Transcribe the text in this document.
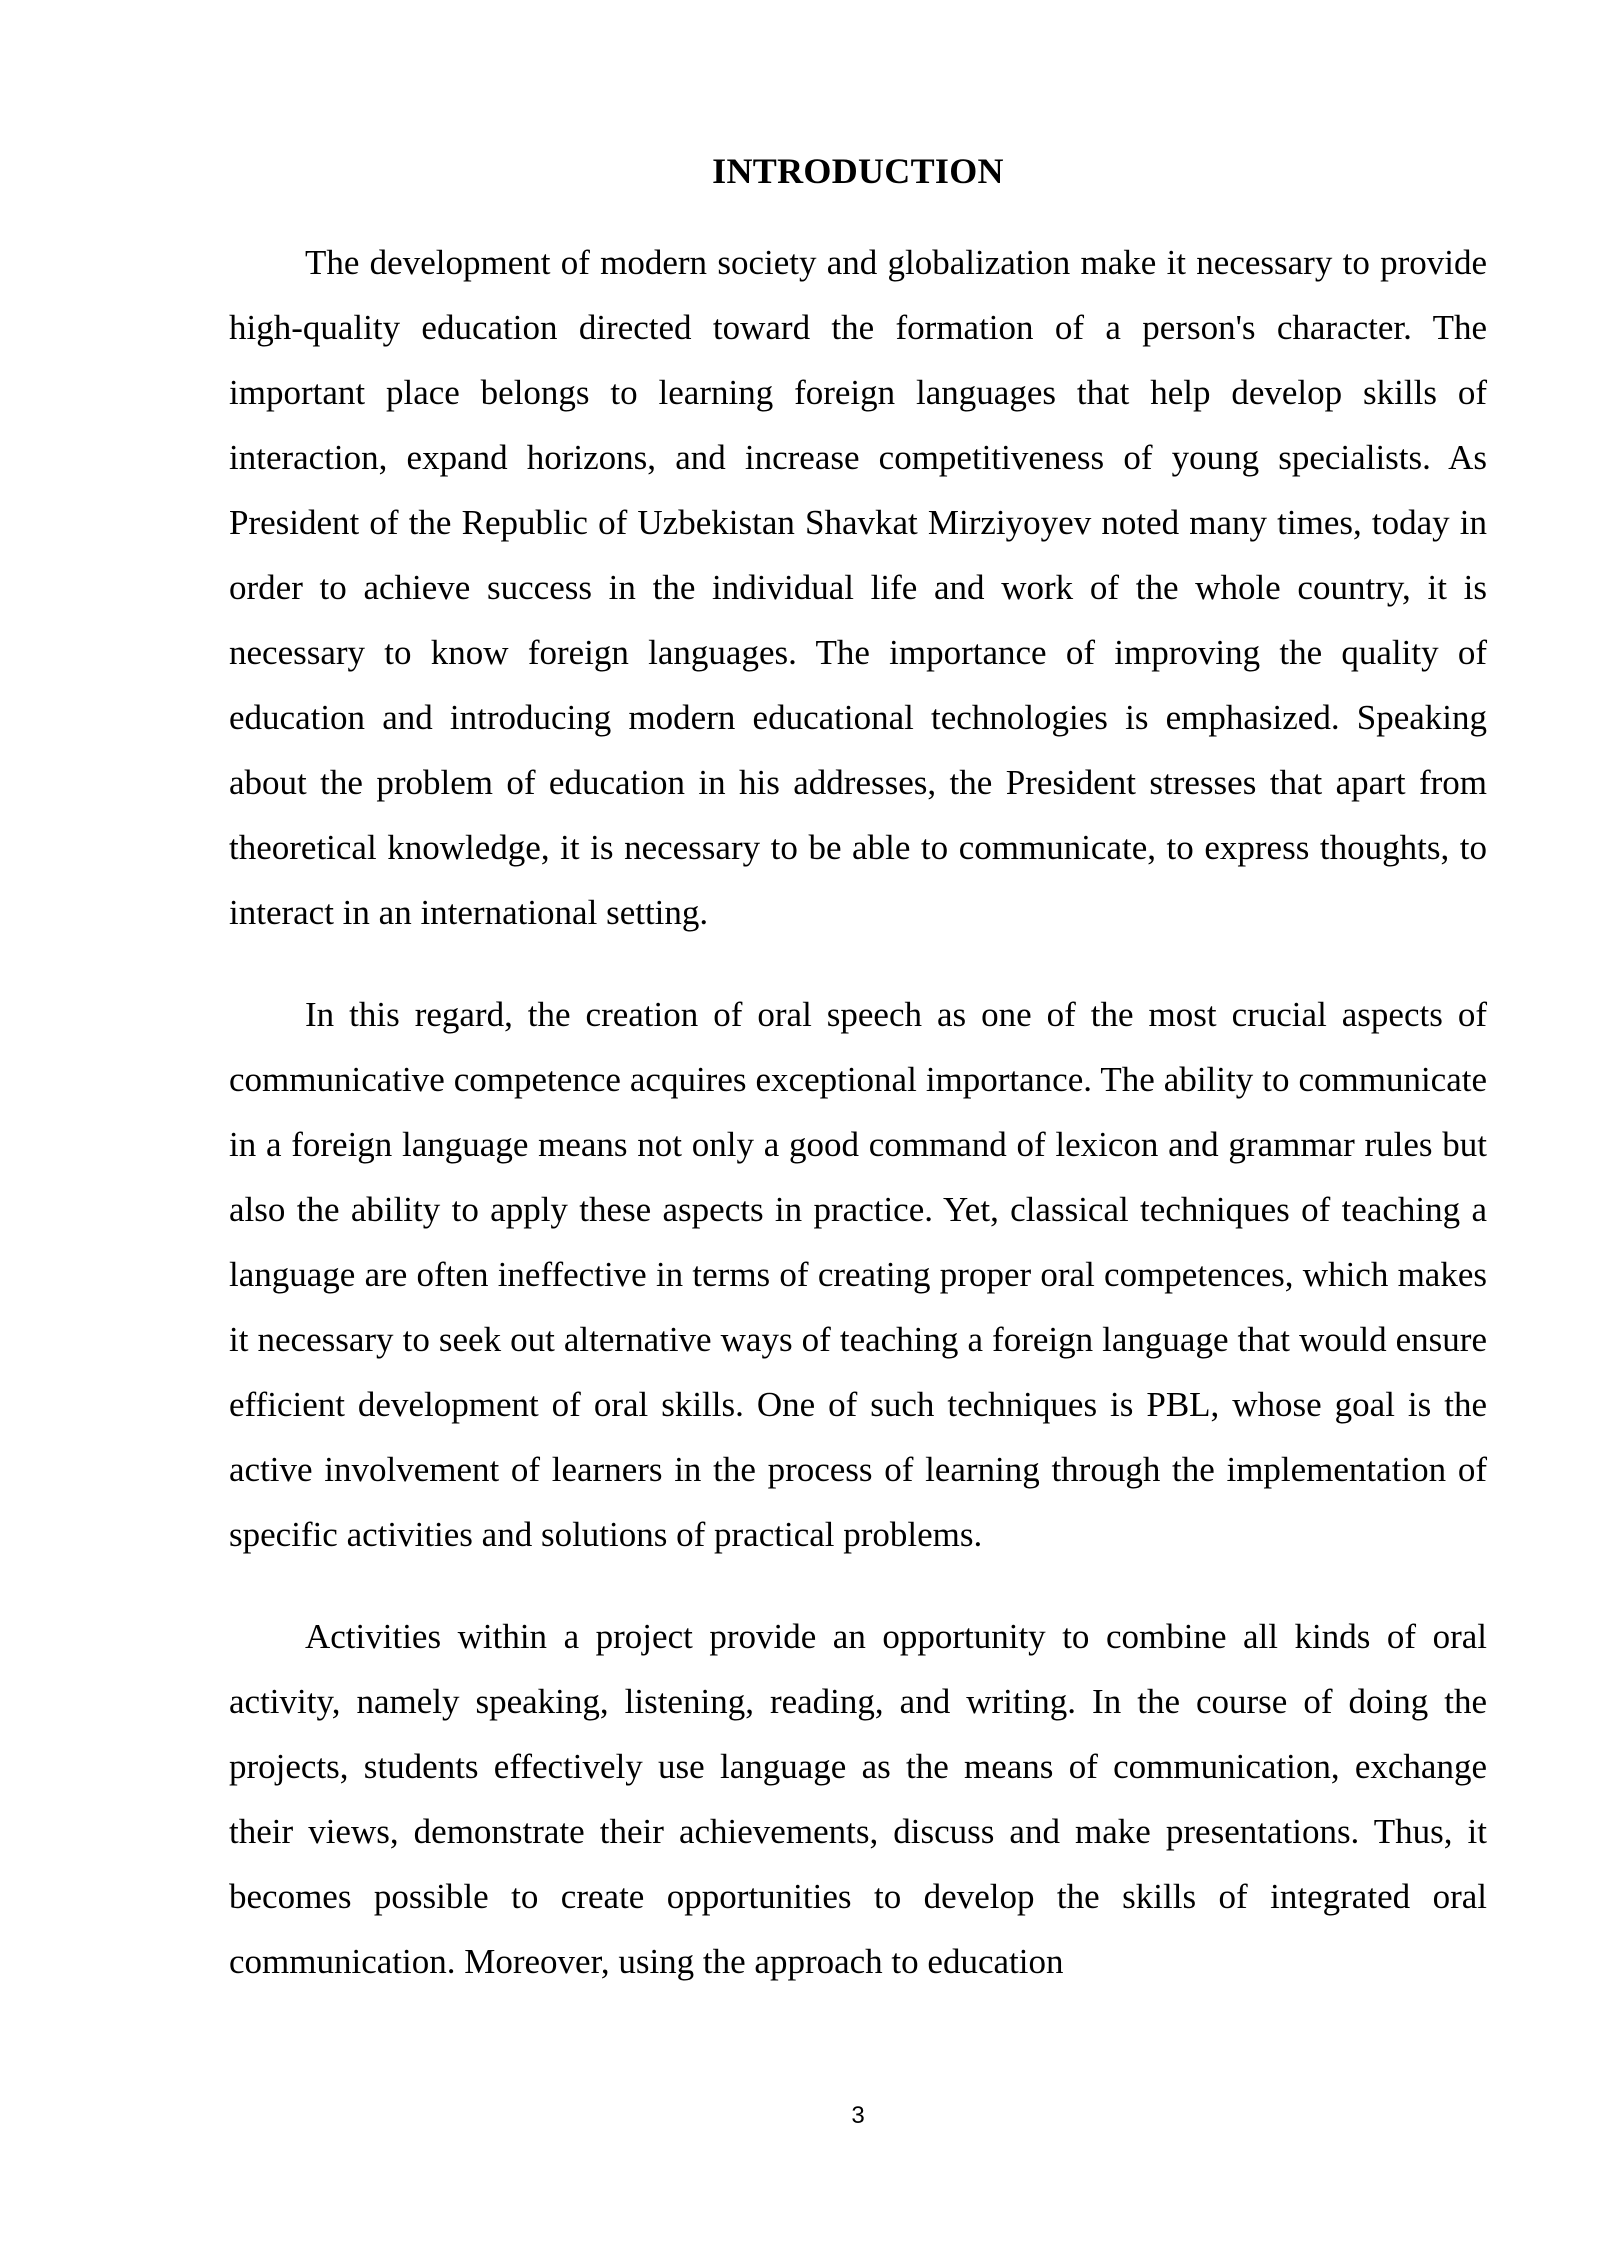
INTRODUCTION

The development of modern society and globalization make it necessary to provide high-quality education directed toward the formation of a person's character. The important place belongs to learning foreign languages that help develop skills of interaction, expand horizons, and increase competitiveness of young specialists. As President of the Republic of Uzbekistan Shavkat Mirziyoyev noted many times, today in order to achieve success in the individual life and work of the whole country, it is necessary to know foreign languages. The importance of improving the quality of education and introducing modern educational technologies is emphasized. Speaking about the problem of education in his addresses, the President stresses that apart from theoretical knowledge, it is necessary to be able to communicate, to express thoughts, to interact in an international setting.

In this regard, the creation of oral speech as one of the most crucial aspects of communicative competence acquires exceptional importance. The ability to communicate in a foreign language means not only a good command of lexicon and grammar rules but also the ability to apply these aspects in practice. Yet, classical techniques of teaching a language are often ineffective in terms of creating proper oral competences, which makes it necessary to seek out alternative ways of teaching a foreign language that would ensure efficient development of oral skills. One of such techniques is PBL, whose goal is the active involvement of learners in the process of learning through the implementation of specific activities and solutions of practical problems.

Activities within a project provide an opportunity to combine all kinds of oral activity, namely speaking, listening, reading, and writing. In the course of doing the projects, students effectively use language as the means of communication, exchange their views, demonstrate their achievements, discuss and make presentations. Thus, it becomes possible to create opportunities to develop the skills of integrated oral communication. Moreover, using the approach to education

3
